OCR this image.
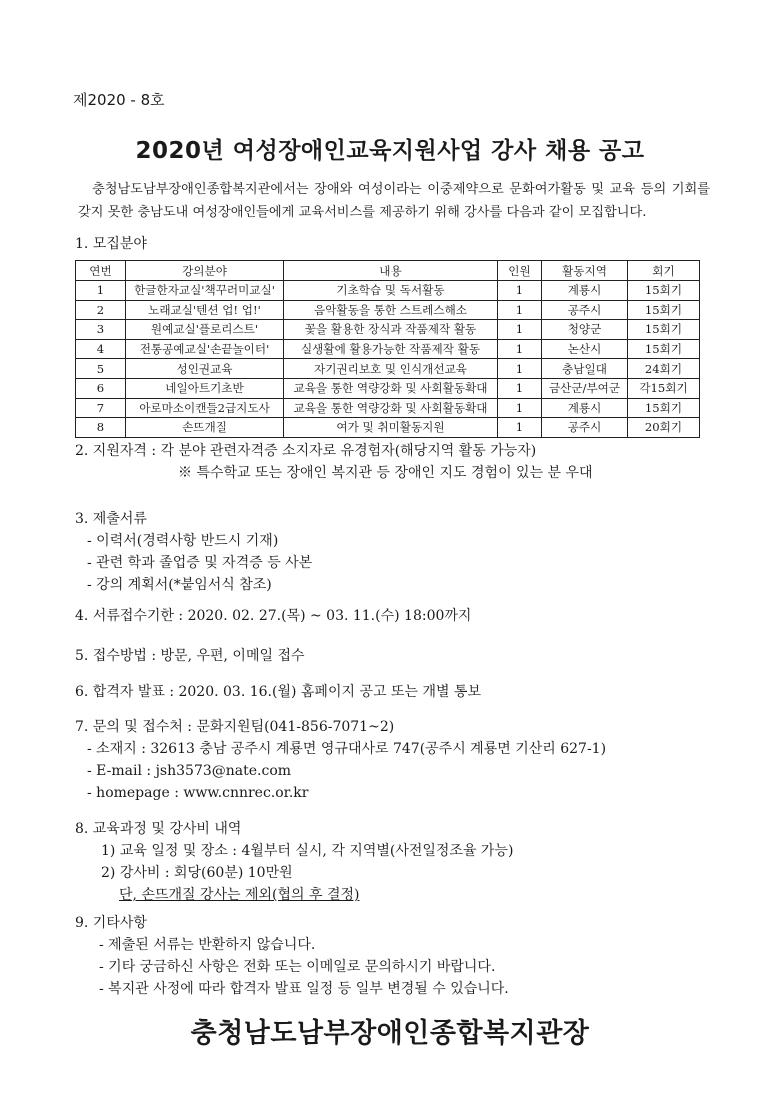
제2020 - 8호
2020년 여성장애인교육지원사업 강사 채용 공고
충청남도남부장애인종합복지관에서는 장애와 여성이라는 이중제약으로 문화여가활동 및 교육 등의 기회를 갖지 못한 충남도내 여성장애인들에게 교육서비스를 제공하기 위해 강사를 다음과 같이 모집합니다.
1. 모집분야
연번	강의분야	내용	인원	활동지역	회기
1	한글한자교실'책꾸러미교실'	기초학습 및 독서활동	1	계룡시	15회기
2	노래교실'텐션 업! 업!'	음악활동을 통한 스트레스해소	1	공주시	15회기
3	원예교실'플로리스트'	꽃을 활용한 장식과 작품제작 활동	1	청양군	15회기
4	전통공예교실'손끝놀이터'	실생활에 활용가능한 작품제작 활동	1	논산시	15회기
5	성인권교육	자기권리보호 및 인식개선교육	1	충남일대	24회기
6	네일아트기초반	교육을 통한 역량강화 및 사회활동확대	1	금산군/부여군	각15회기
7	아로마소이캔들2급지도사	교육을 통한 역량강화 및 사회활동확대	1	계룡시	15회기
8	손뜨개질	여가 및 취미활동지원	1	공주시	20회기
2. 지원자격 : 각 분야 관련자격증 소지자로 유경험자(해당지역 활동 가능자)
※ 특수학교 또는 장애인 복지관 등 장애인 지도 경험이 있는 분 우대
3. 제출서류
- 이력서(경력사항 반드시 기재)
- 관련 학과 졸업증 및 자격증 등 사본
- 강의 계획서(*붙임서식 참조)
4. 서류접수기한 : 2020. 02. 27.(목) ~ 03. 11.(수) 18:00까지
5. 접수방법 : 방문, 우편, 이메일 접수
6. 합격자 발표 : 2020. 03. 16.(월) 홈페이지 공고 또는 개별 통보
7. 문의 및 접수처 : 문화지원팀(041-856-7071~2)
- 소재지 : 32613 충남 공주시 계룡면 영규대사로 747(공주시 계룡면 기산리 627-1)
- E-mail : jsh3573@nate.com
- homepage : www.cnnrec.or.kr
8. 교육과정 및 강사비 내역
1) 교육 일정 및 장소 : 4월부터 실시, 각 지역별(사전일정조율 가능)
2) 강사비 : 회당(60분) 10만원
단, 손뜨개질 강사는 제외(협의 후 결정)
9. 기타사항
- 제출된 서류는 반환하지 않습니다.
- 기타 궁금하신 사항은 전화 또는 이메일로 문의하시기 바랍니다.
- 복지관 사정에 따라 합격자 발표 일정 등 일부 변경될 수 있습니다.
충청남도남부장애인종합복지관장
